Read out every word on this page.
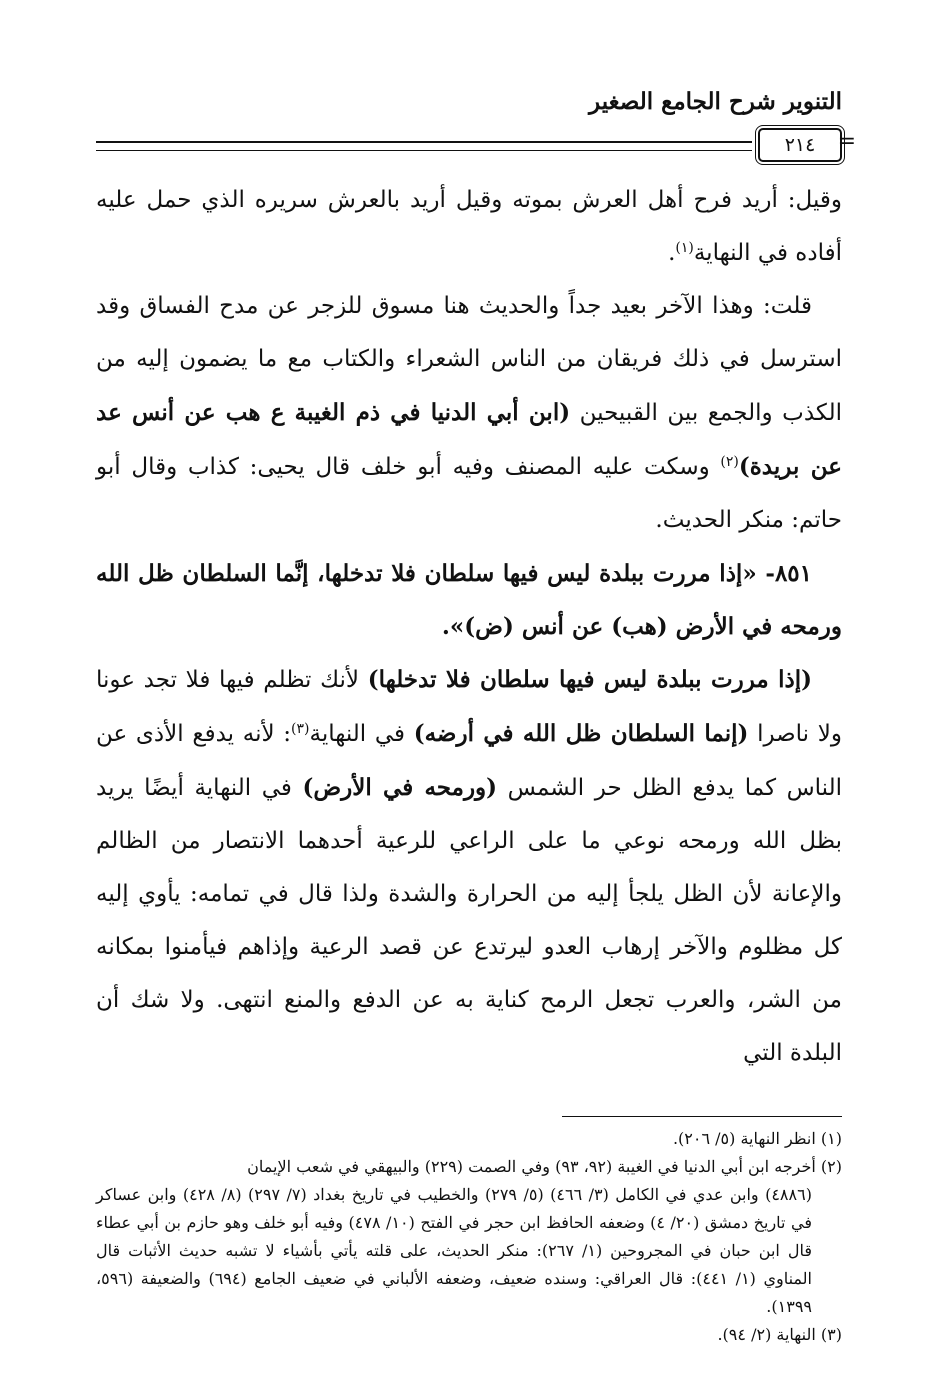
التنوير شرح الجامع الصغير
٢١٤	=

وقيل: أريد فرح أهل العرش بموته وقيل أريد بالعرش سريره الذي حمل عليه أفاده في النهاية$^{(١)}$.

قلت: وهذا الآخر بعيد جداً والحديث هنا مسوق للزجر عن مدح الفساق وقد استرسل في ذلك فريقان من الناس الشعراء والكتاب مع ما يضمون إليه من الكذب والجمع بين القبيحين (ابن أبي الدنيا في ذم الغيبة ع هب عن أنس عد عن بريدة)$^{(٢)}$ وسكت عليه المصنف وفيه أبو خلف قال يحيى: كذاب وقال أبو حاتم: منكر الحديث.

٨٥١- «إذا مررت ببلدة ليس فيها سلطان فلا تدخلها، إنَّما السلطان ظل الله ورمحه في الأرض (هب) عن أنس (ض)».

(إذا مررت ببلدة ليس فيها سلطان فلا تدخلها) لأنك تظلم فيها فلا تجد عونا ولا ناصرا (إنما السلطان ظل الله في أرضه) في النهاية$^{(٣)}$: لأنه يدفع الأذى عن الناس كما يدفع الظل حر الشمس (ورمحه في الأرض) في النهاية أيضًا يريد بظل الله ورمحه نوعي ما على الراعي للرعية أحدهما الانتصار من الظالم والإعانة لأن الظل يلجأ إليه من الحرارة والشدة ولذا قال في تمامه: يأوي إليه كل مظلوم والآخر إرهاب العدو ليرتدع عن قصد الرعية وإذاهم فيأمنوا بمكانه من الشر، والعرب تجعل الرمح كناية به عن الدفع والمنع انتهى. ولا شك أن البلدة التي

(١) انظر النهاية (٥/ ٢٠٦).

(٢) أخرجه ابن أبي الدنيا في الغيبة (٩٢، ٩٣) وفي الصمت (٢٢٩) والبيهقي في شعب الإيمان
(٤٨٨٦) وابن عدي في الكامل (٣/ ٤٦٦) (٥/ ٢٧٩) والخطيب في تاريخ بغداد (٧/ ٢٩٧) (٨/ ٤٢٨) وابن عساكر في تاريخ دمشق (٢٠/ ٤) وضعفه الحافظ ابن حجر في الفتح (١٠/ ٤٧٨) وفيه أبو خلف وهو حازم بن أبي عطاء قال ابن حبان في المجروحين (١/ ٢٦٧): منكر الحديث، على قلته يأتي بأشياء لا تشبه حديث الأثبات قال المناوي (١/ ٤٤١): قال العراقي: وسنده ضعيف، وضعفه الألباني في ضعيف الجامع (٦٩٤) والضعيفة (٥٩٦، ١٣٩٩).

(٣) النهاية (٢/ ٩٤).
